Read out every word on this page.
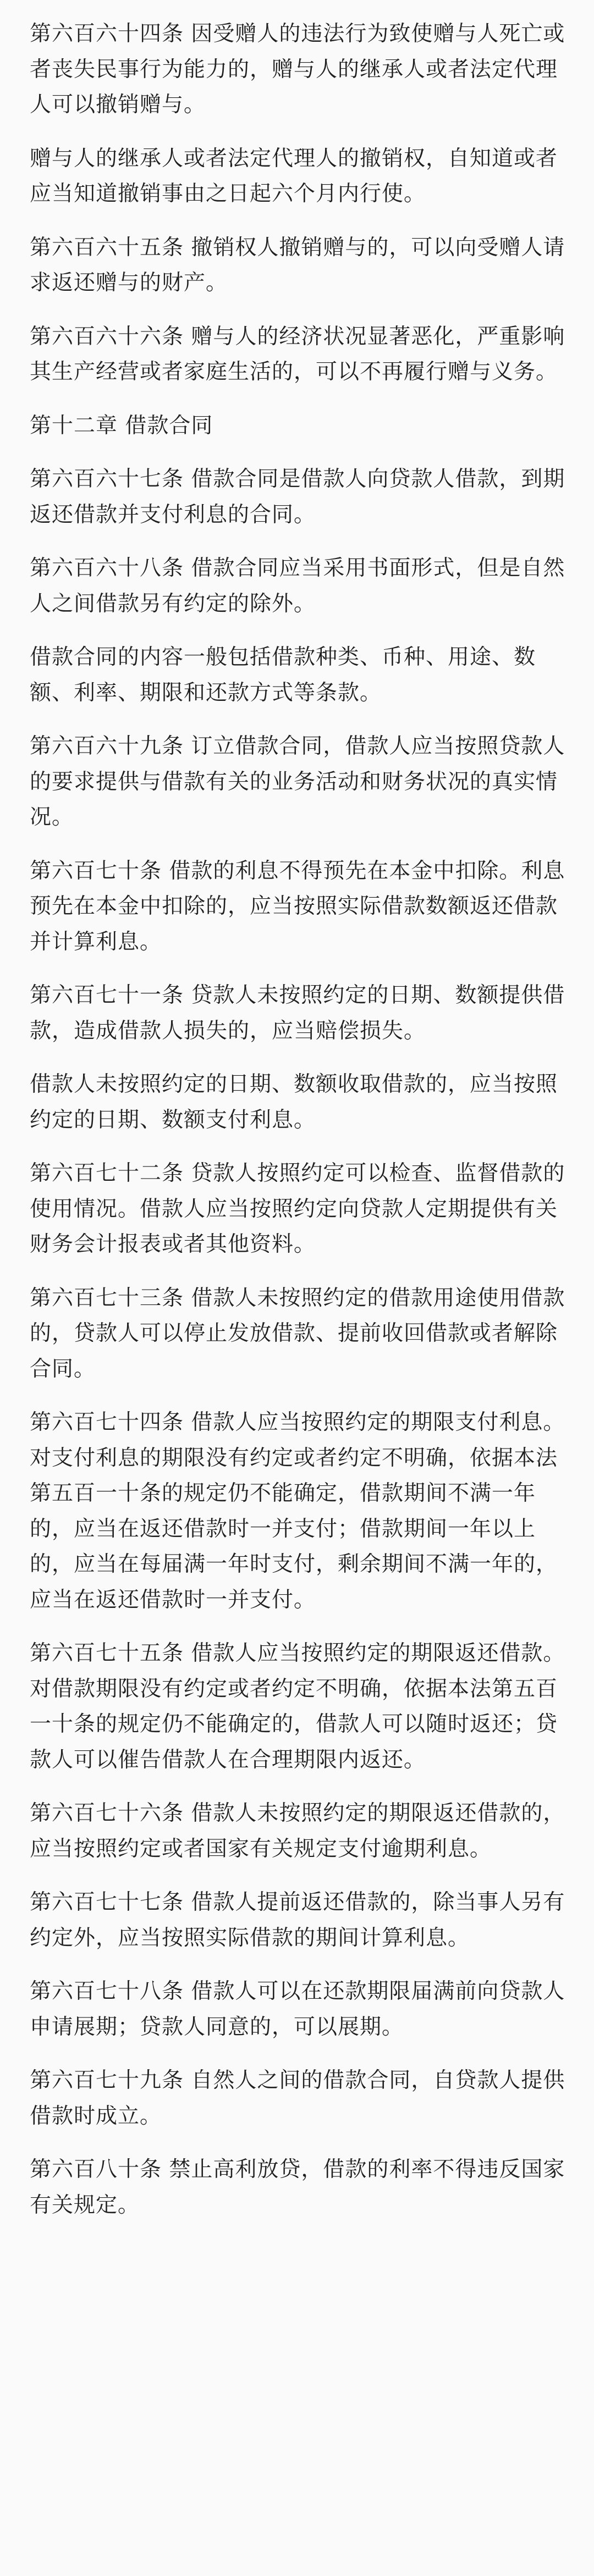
第六百六十四条 因受赠人的违法行为致使赠与人死亡或者丧失民事行为能力的，赠与人的继承人或者法定代理人可以撤销赠与。

赠与人的继承人或者法定代理人的撤销权，自知道或者应当知道撤销事由之日起六个月内行使。

第六百六十五条 撤销权人撤销赠与的，可以向受赠人请求返还赠与的财产。

第六百六十六条 赠与人的经济状况显著恶化，严重影响其生产经营或者家庭生活的，可以不再履行赠与义务。

第十二章 借款合同

第六百六十七条 借款合同是借款人向贷款人借款，到期返还借款并支付利息的合同。

第六百六十八条 借款合同应当采用书面形式，但是自然人之间借款另有约定的除外。

借款合同的内容一般包括借款种类、币种、用途、数额、利率、期限和还款方式等条款。

第六百六十九条 订立借款合同，借款人应当按照贷款人的要求提供与借款有关的业务活动和财务状况的真实情况。

第六百七十条 借款的利息不得预先在本金中扣除。利息预先在本金中扣除的，应当按照实际借款数额返还借款并计算利息。

第六百七十一条 贷款人未按照约定的日期、数额提供借款，造成借款人损失的，应当赔偿损失。

借款人未按照约定的日期、数额收取借款的，应当按照约定的日期、数额支付利息。

第六百七十二条 贷款人按照约定可以检查、监督借款的使用情况。借款人应当按照约定向贷款人定期提供有关财务会计报表或者其他资料。

第六百七十三条 借款人未按照约定的借款用途使用借款的，贷款人可以停止发放借款、提前收回借款或者解除合同。

第六百七十四条 借款人应当按照约定的期限支付利息。对支付利息的期限没有约定或者约定不明确，依据本法第五百一十条的规定仍不能确定，借款期间不满一年的，应当在返还借款时一并支付；借款期间一年以上的，应当在每届满一年时支付，剩余期间不满一年的，应当在返还借款时一并支付。

第六百七十五条 借款人应当按照约定的期限返还借款。对借款期限没有约定或者约定不明确，依据本法第五百一十条的规定仍不能确定的，借款人可以随时返还；贷款人可以催告借款人在合理期限内返还。

第六百七十六条 借款人未按照约定的期限返还借款的，应当按照约定或者国家有关规定支付逾期利息。

第六百七十七条 借款人提前返还借款的，除当事人另有约定外，应当按照实际借款的期间计算利息。

第六百七十八条 借款人可以在还款期限届满前向贷款人申请展期；贷款人同意的，可以展期。

第六百七十九条 自然人之间的借款合同，自贷款人提供借款时成立。

第六百八十条 禁止高利放贷，借款的利率不得违反国家有关规定。
